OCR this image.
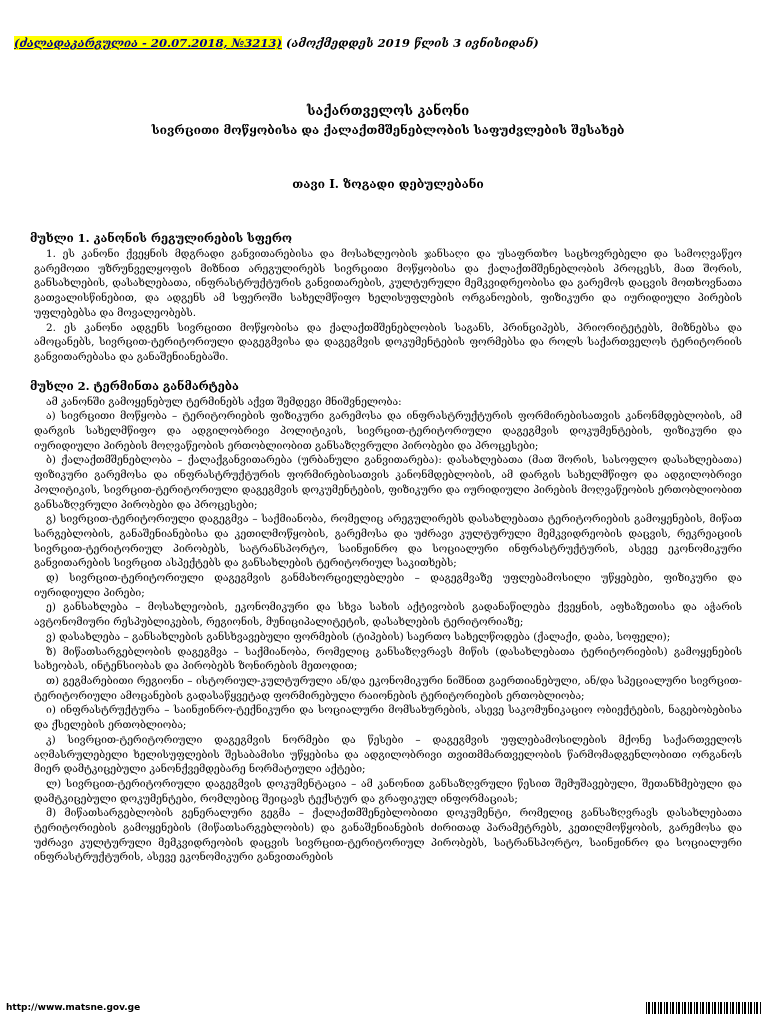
(ძალადაკარგულია - 20.07.2018, №3213) (ამოქმედდეს 2019 წლის 3 ივნისიდან)
საქართველოს კანონი
სივრცითი მოწყობისა და ქალაქთმშენებლობის საფუძვლების შესახებ
თავი I. ზოგადი დებულებანი
მუხლი 1. კანონის რეგულირების სფერო

1. ეს კანონი ქვეყნის მდგრადი განვითარებისა და მოსახლეობის ჯანსაღი და უსაფრთხო საცხოვრებელი და სამოღვაწეო გარემოთი უზრუნველყოფის მიზნით არეგულირებს სივრცითი მოწყობისა და ქალაქთმშენებლობის პროცესს, მათ შორის, განსახლების, დასახლებათა, ინფრასტრუქტურის განვითარების, კულტურული მემკვიდრეობისა და გარემოს დაცვის მოთხოვნათა გათვალისწინებით, და ადგენს ამ სფეროში სახელმწიფო ხელისუფლების ორგანოების, ფიზიკური და იურიდიული პირების უფლებებსა და მოვალეობებს.

2. ეს კანონი ადგენს სივრცითი მოწყობისა და ქალაქთმშენებლობის საგანს, პრინციპებს, პრიორიტეტებს, მიზნებსა და ამოცანებს, სივრცით-ტერიტორიული დაგეგმვისა და დაგეგმვის დოკუმენტების ფორმებსა და როლს საქართველოს ტერიტორიის განვითარებასა და განაშენიანებაში.

მუხლი 2. ტერმინთა განმარტება

ამ კანონში გამოყენებულ ტერმინებს აქვთ შემდეგი მნიშვნელობა:

ა) სივრცითი მოწყობა – ტერიტორიების ფიზიკური გარემოსა და ინფრასტრუქტურის ფორმირებისათვის კანონმდებლობის, ამ დარგის სახელმწიფო და ადგილობრივი პოლიტიკის, სივრცით-ტერიტორიული დაგეგმვის დოკუმენტების, ფიზიკური და იურიდიული პირების მოღვაწეობის ერთობლიობით განსაზღვრული პირობები და პროცესები;

ბ) ქალაქთმშენებლობა – ქალაქგანვითარება (ურბანული განვითარება): დასახლებათა (მათ შორის, სასოფლო დასახლებათა) ფიზიკური გარემოსა და ინფრასტრუქტურის ფორმირებისათვის კანონმდებლობის, ამ დარგის სახელმწიფო და ადგილობრივი პოლიტიკის, სივრცით-ტერიტორიული დაგეგმვის დოკუმენტების, ფიზიკური და იურიდიული პირების მოღვაწეობის ერთობლიობით განსაზღვრული პირობები და პროცესები;

გ) სივრცით-ტერიტორიული დაგეგმვა – საქმიანობა, რომელიც არეგულირებს დასახლებათა ტერიტორიების გამოყენების, მიწათ სარგებლობის, განაშენიანებისა და კეთილმოწყობის, გარემოსა და უძრავი კულტურული მემკვიდრეობის დაცვის, რეკრეაციის სივრცით-ტერიტორიულ პირობებს, სატრანსპორტო, საინჟინრო და სოციალური ინფრასტრუქტურის, ასევე ეკონომიკური განვითარების სივრცით ასპექტებს და განსახლების ტერიტორიულ საკითხებს;

დ) სივრცით-ტერიტორიული დაგეგმვის განმახორციელებლები – დაგეგმვაზე უფლებამოსილი უწყებები, ფიზიკური და იურიდიული პირები;

ე) განსახლება – მოსახლეობის, ეკონომიკური და სხვა სახის აქტივობის გადანაწილება ქვეყნის, აფხაზეთისა და აჭარის ავტონომიური რესპუბლიკების, რეგიონის, მუნიციპალიტეტის, დასახლების ტერიტორიაზე;

ვ) დასახლება – განსახლების განსხვავებული ფორმების (ტიპების) საერთო სახელწოდება (ქალაქი, დაბა, სოფელი);

ზ) მიწათსარგებლობის დაგეგმვა – საქმიანობა, რომელიც განსაზღვრავს მიწის (დასახლებათა ტერიტორიების) გამოყენების სახეობას, ინტენსიობას და პირობებს ზონირების მეთოდით;

თ) გეგმარებითი რეგიონი – ისტორიულ-კულტურული ან/და ეკონომიკური ნიშნით გაერთიანებული, ან/და სპეციალური სივრცით-ტერიტორიული ამოცანების გადასაწყვეტად ფორმირებული რაიონების ტერიტორიების ერთობლიობა;

ი) ინფრასტრუქტურა – საინჟინრო-ტექნიკური და სოციალური მომსახურების, ასევე საკომუნიკაციო ობიექტების, ნაგებობებისა და ქსელების ერთობლიობა;

კ) სივრცით-ტერიტორიული დაგეგმვის ნორმები და წესები – დაგეგმვის უფლებამოსილების მქონე საქართველოს აღმასრულებელი ხელისუფლების შესაბამისი უწყებისა და ადგილობრივი თვითმმართველობის წარმომადგენლობითი ორგანოს მიერ დამტკიცებული კანონქვემდებარე ნორმატიული აქტები;

ლ) სივრცით-ტერიტორიული დაგეგმვის დოკუმენტაცია – ამ კანონით განსაზღვრული წესით შემუშავებული, შეთანხმებული და დამტკიცებული დოკუმენტები, რომლებიც შეიცავს ტექსტურ და გრაფიკულ ინფორმაციას;

მ) მიწათსარგებლობის გენერალური გეგმა – ქალაქთმშენებლობითი დოკუმენტი, რომელიც განსაზღვრავს დასახლებათა ტერიტორიების გამოყენების (მიწათსარგებლობის) და განაშენიანების ძირითად პარამეტრებს, კეთილმოწყობის, გარემოსა და უძრავი კულტურული მემკვიდრეობის დაცვის სივრცით-ტერიტორიულ პირობებს, სატრანსპორტო, საინჟინრო და სოციალური ინფრასტრუქტურის, ასევე ეკონომიკური განვითარების

http://www.matsne.gov.ge
